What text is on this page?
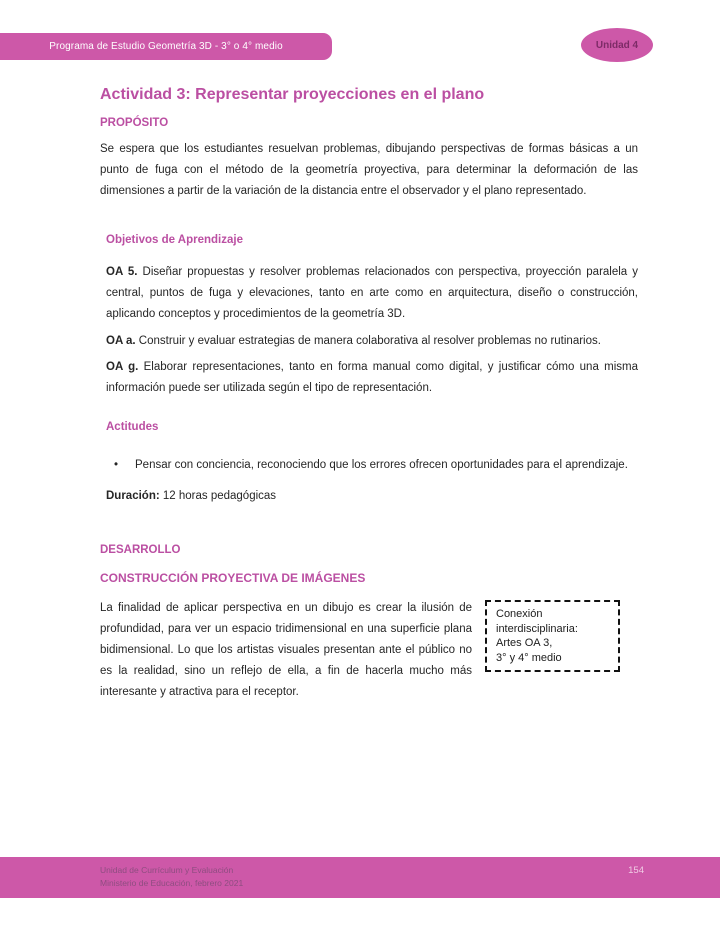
Programa de Estudio Geometría 3D - 3° o 4° medio	Unidad 4
Actividad 3: Representar proyecciones en el plano
PROPÓSITO
Se espera que los estudiantes resuelvan problemas, dibujando perspectivas de formas básicas a un punto de fuga con el método de la geometría proyectiva, para determinar la deformación de las dimensiones a partir de la variación de la distancia entre el observador y el plano representado.
Objetivos de Aprendizaje
OA 5. Diseñar propuestas y resolver problemas relacionados con perspectiva, proyección paralela y central, puntos de fuga y elevaciones, tanto en arte como en arquitectura, diseño o construcción, aplicando conceptos y procedimientos de la geometría 3D.
OA a. Construir y evaluar estrategias de manera colaborativa al resolver problemas no rutinarios.
OA g. Elaborar representaciones, tanto en forma manual como digital, y justificar cómo una misma información puede ser utilizada según el tipo de representación.
Actitudes
•	Pensar con conciencia, reconociendo que los errores ofrecen oportunidades para el aprendizaje.
Duración: 12 horas pedagógicas
DESARROLLO
CONSTRUCCIÓN PROYECTIVA DE IMÁGENES
La finalidad de aplicar perspectiva en un dibujo es crear la ilusión de profundidad, para ver un espacio tridimensional en una superficie plana bidimensional. Lo que los artistas visuales presentan ante el público no es la realidad, sino un reflejo de ella, a fin de hacerla mucho más interesante y atractiva para el receptor.
Conexión
interdisciplinaria:
Artes OA 3,
3° y 4° medio
Unidad de Currículum y Evaluación
Ministerio de Educación, febrero 2021
154
